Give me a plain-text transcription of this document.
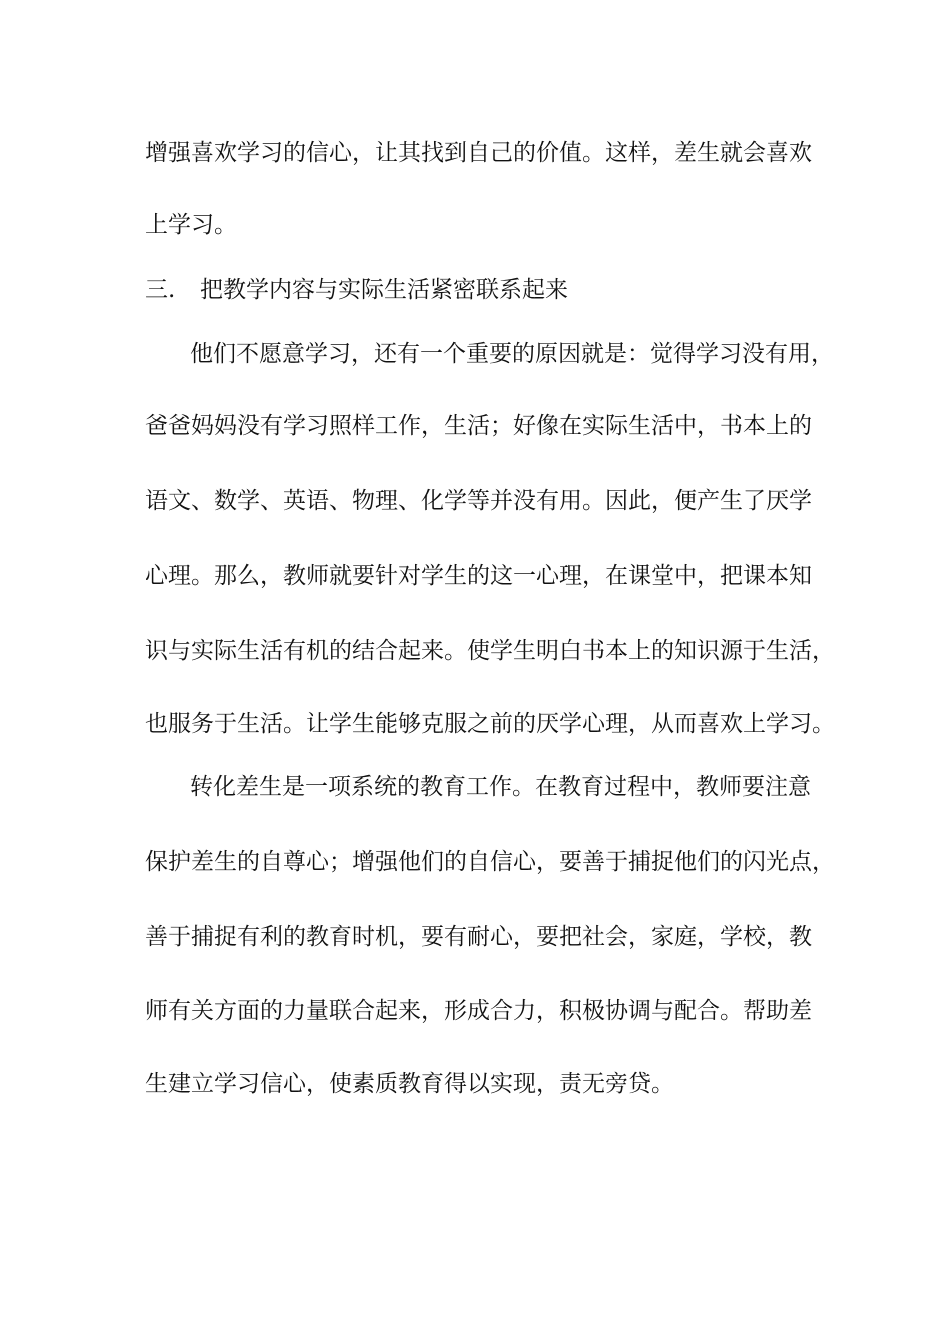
增强喜欢学习的信心，让其找到自己的价值。这样，差生就会喜欢
上学习。
三. 把教学内容与实际生活紧密联系起来
他们不愿意学习，还有一个重要的原因就是：觉得学习没有用，
爸爸妈妈没有学习照样工作，生活；好像在实际生活中，书本上的
语文、数学、英语、物理、化学等并没有用。因此，便产生了厌学
心理。那么，教师就要针对学生的这一心理，在课堂中，把课本知
识与实际生活有机的结合起来。使学生明白书本上的知识源于生活，
也服务于生活。让学生能够克服之前的厌学心理，从而喜欢上学习。
转化差生是一项系统的教育工作。在教育过程中，教师要注意
保护差生的自尊心；增强他们的自信心，要善于捕捉他们的闪光点，
善于捕捉有利的教育时机，要有耐心，要把社会，家庭，学校，教
师有关方面的力量联合起来，形成合力，积极协调与配合。帮助差
生建立学习信心，使素质教育得以实现，责无旁贷。
